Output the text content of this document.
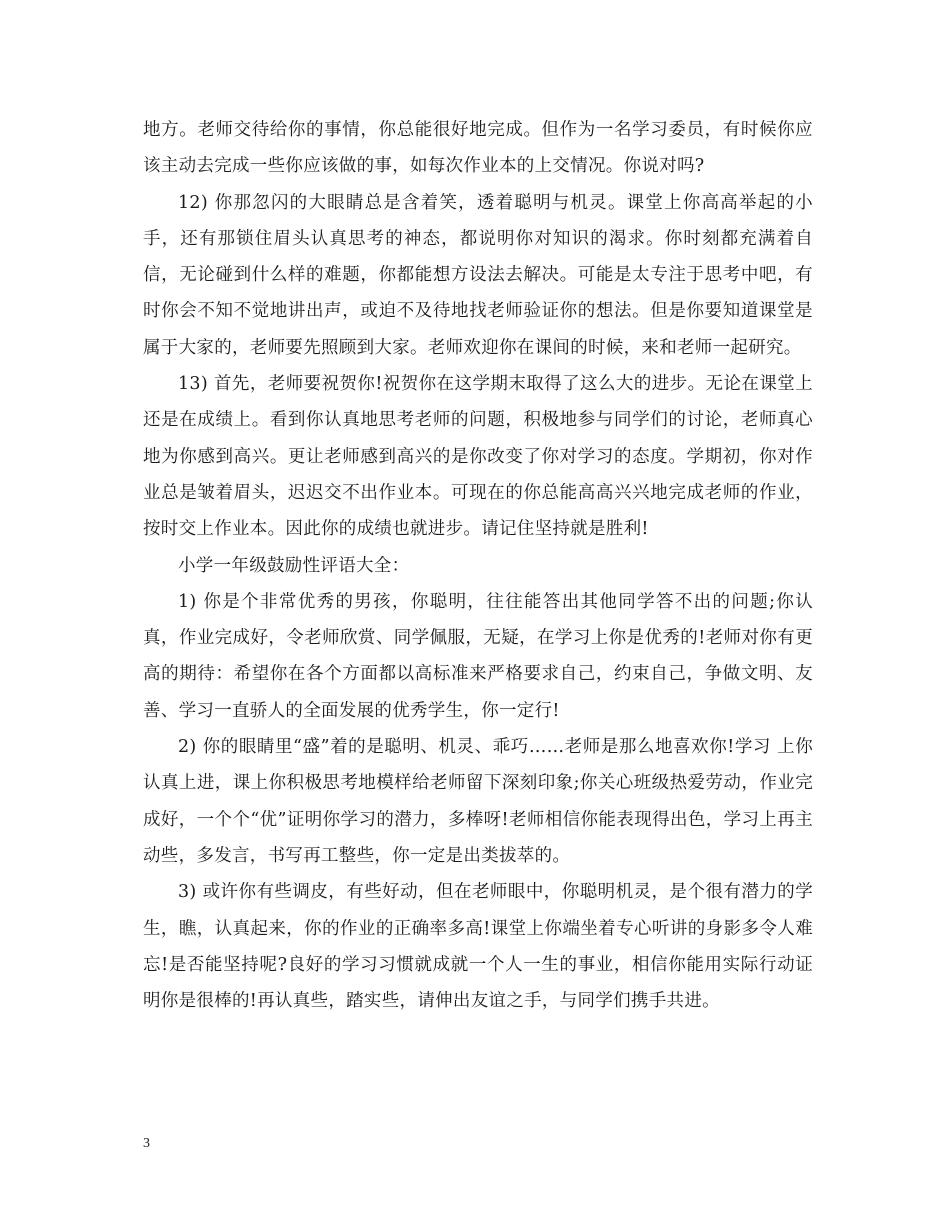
地方。老师交待给你的事情，你总能很好地完成。但作为一名学习委员，有时候你应该主动去完成一些你应该做的事，如每次作业本的上交情况。你说对吗?

12) 你那忽闪的大眼睛总是含着笑，透着聪明与机灵。课堂上你高高举起的小手，还有那锁住眉头认真思考的神态，都说明你对知识的渴求。你时刻都充满着自信，无论碰到什么样的难题，你都能想方设法去解决。可能是太专注于思考中吧，有时你会不知不觉地讲出声，或迫不及待地找老师验证你的想法。但是你要知道课堂是属于大家的，老师要先照顾到大家。老师欢迎你在课间的时候，来和老师一起研究。

13) 首先，老师要祝贺你!祝贺你在这学期末取得了这么大的进步。无论在课堂上还是在成绩上。看到你认真地思考老师的问题，积极地参与同学们的讨论，老师真心地为你感到高兴。更让老师感到高兴的是你改变了你对学习的态度。学期初，你对作业总是皱着眉头，迟迟交不出作业本。可现在的你总能高高兴兴地完成老师的作业，按时交上作业本。因此你的成绩也就进步。请记住坚持就是胜利!

小学一年级鼓励性评语大全：

1) 你是个非常优秀的男孩，你聪明，往往能答出其他同学答不出的问题;你认真，作业完成好，令老师欣赏、同学佩服，无疑，在学习上你是优秀的!老师对你有更高的期待：希望你在各个方面都以高标准来严格要求自己，约束自己，争做文明、友善、学习一直骄人的全面发展的优秀学生，你一定行!

2) 你的眼睛里“盛”着的是聪明、机灵、乖巧……老师是那么地喜欢你!学习 上你认真上进，课上你积极思考地模样给老师留下深刻印象;你关心班级热爱劳动，作业完成好，一个个“优”证明你学习的潜力，多棒呀!老师相信你能表现得出色，学习上再主动些，多发言，书写再工整些，你一定是出类拔萃的。

3) 或许你有些调皮，有些好动，但在老师眼中，你聪明机灵，是个很有潜力的学生，瞧，认真起来，你的作业的正确率多高!课堂上你端坐着专心听讲的身影多令人难忘!是否能坚持呢?良好的学习习惯就成就一个人一生的事业，相信你能用实际行动证明你是很棒的!再认真些，踏实些，请伸出友谊之手，与同学们携手共进。

3
